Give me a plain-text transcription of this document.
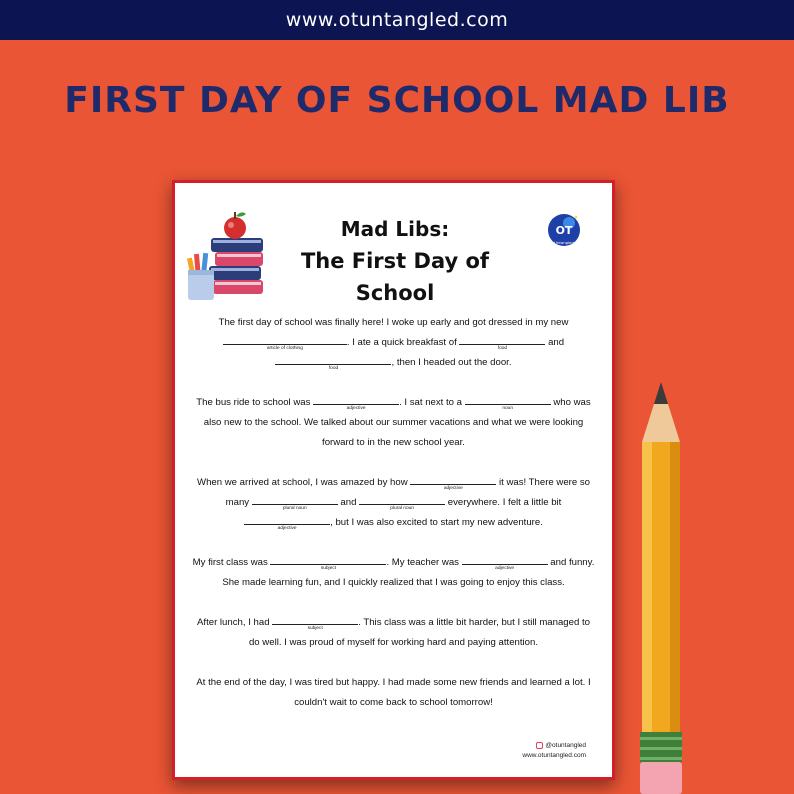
www.otuntangled.com
FIRST DAY OF SCHOOL MAD LIB
Mad Libs:
The First Day of School
OT
Untangled

The first day of school was finally here! I woke up early and got dressed in my new
article of clothing
. I ate a quick breakfast of
food
and
food
, then I headed out the door.

The bus ride to school was
adjective
. I sat next to a
noun
who was also new to the school. We talked about our summer vacations and what we were looking forward to in the new school year.

When we arrived at school, I was amazed by how
adjective
it was! There were so many
plural noun
and
plural noun
everywhere. I felt a little bit
adjective
, but I was also excited to start my new adventure.

My first class was
subject
. My teacher was
adjective
and funny. She made learning fun, and I quickly realized that I was going to enjoy this class.

After lunch, I had
subject
. This class was a little bit harder, but I still managed to do well. I was proud of myself for working hard and paying attention.

At the end of the day, I was tired but happy. I had made some new friends and learned a lot. I couldn't wait to come back to school tomorrow!

@otuntangled
www.otuntangled.com
